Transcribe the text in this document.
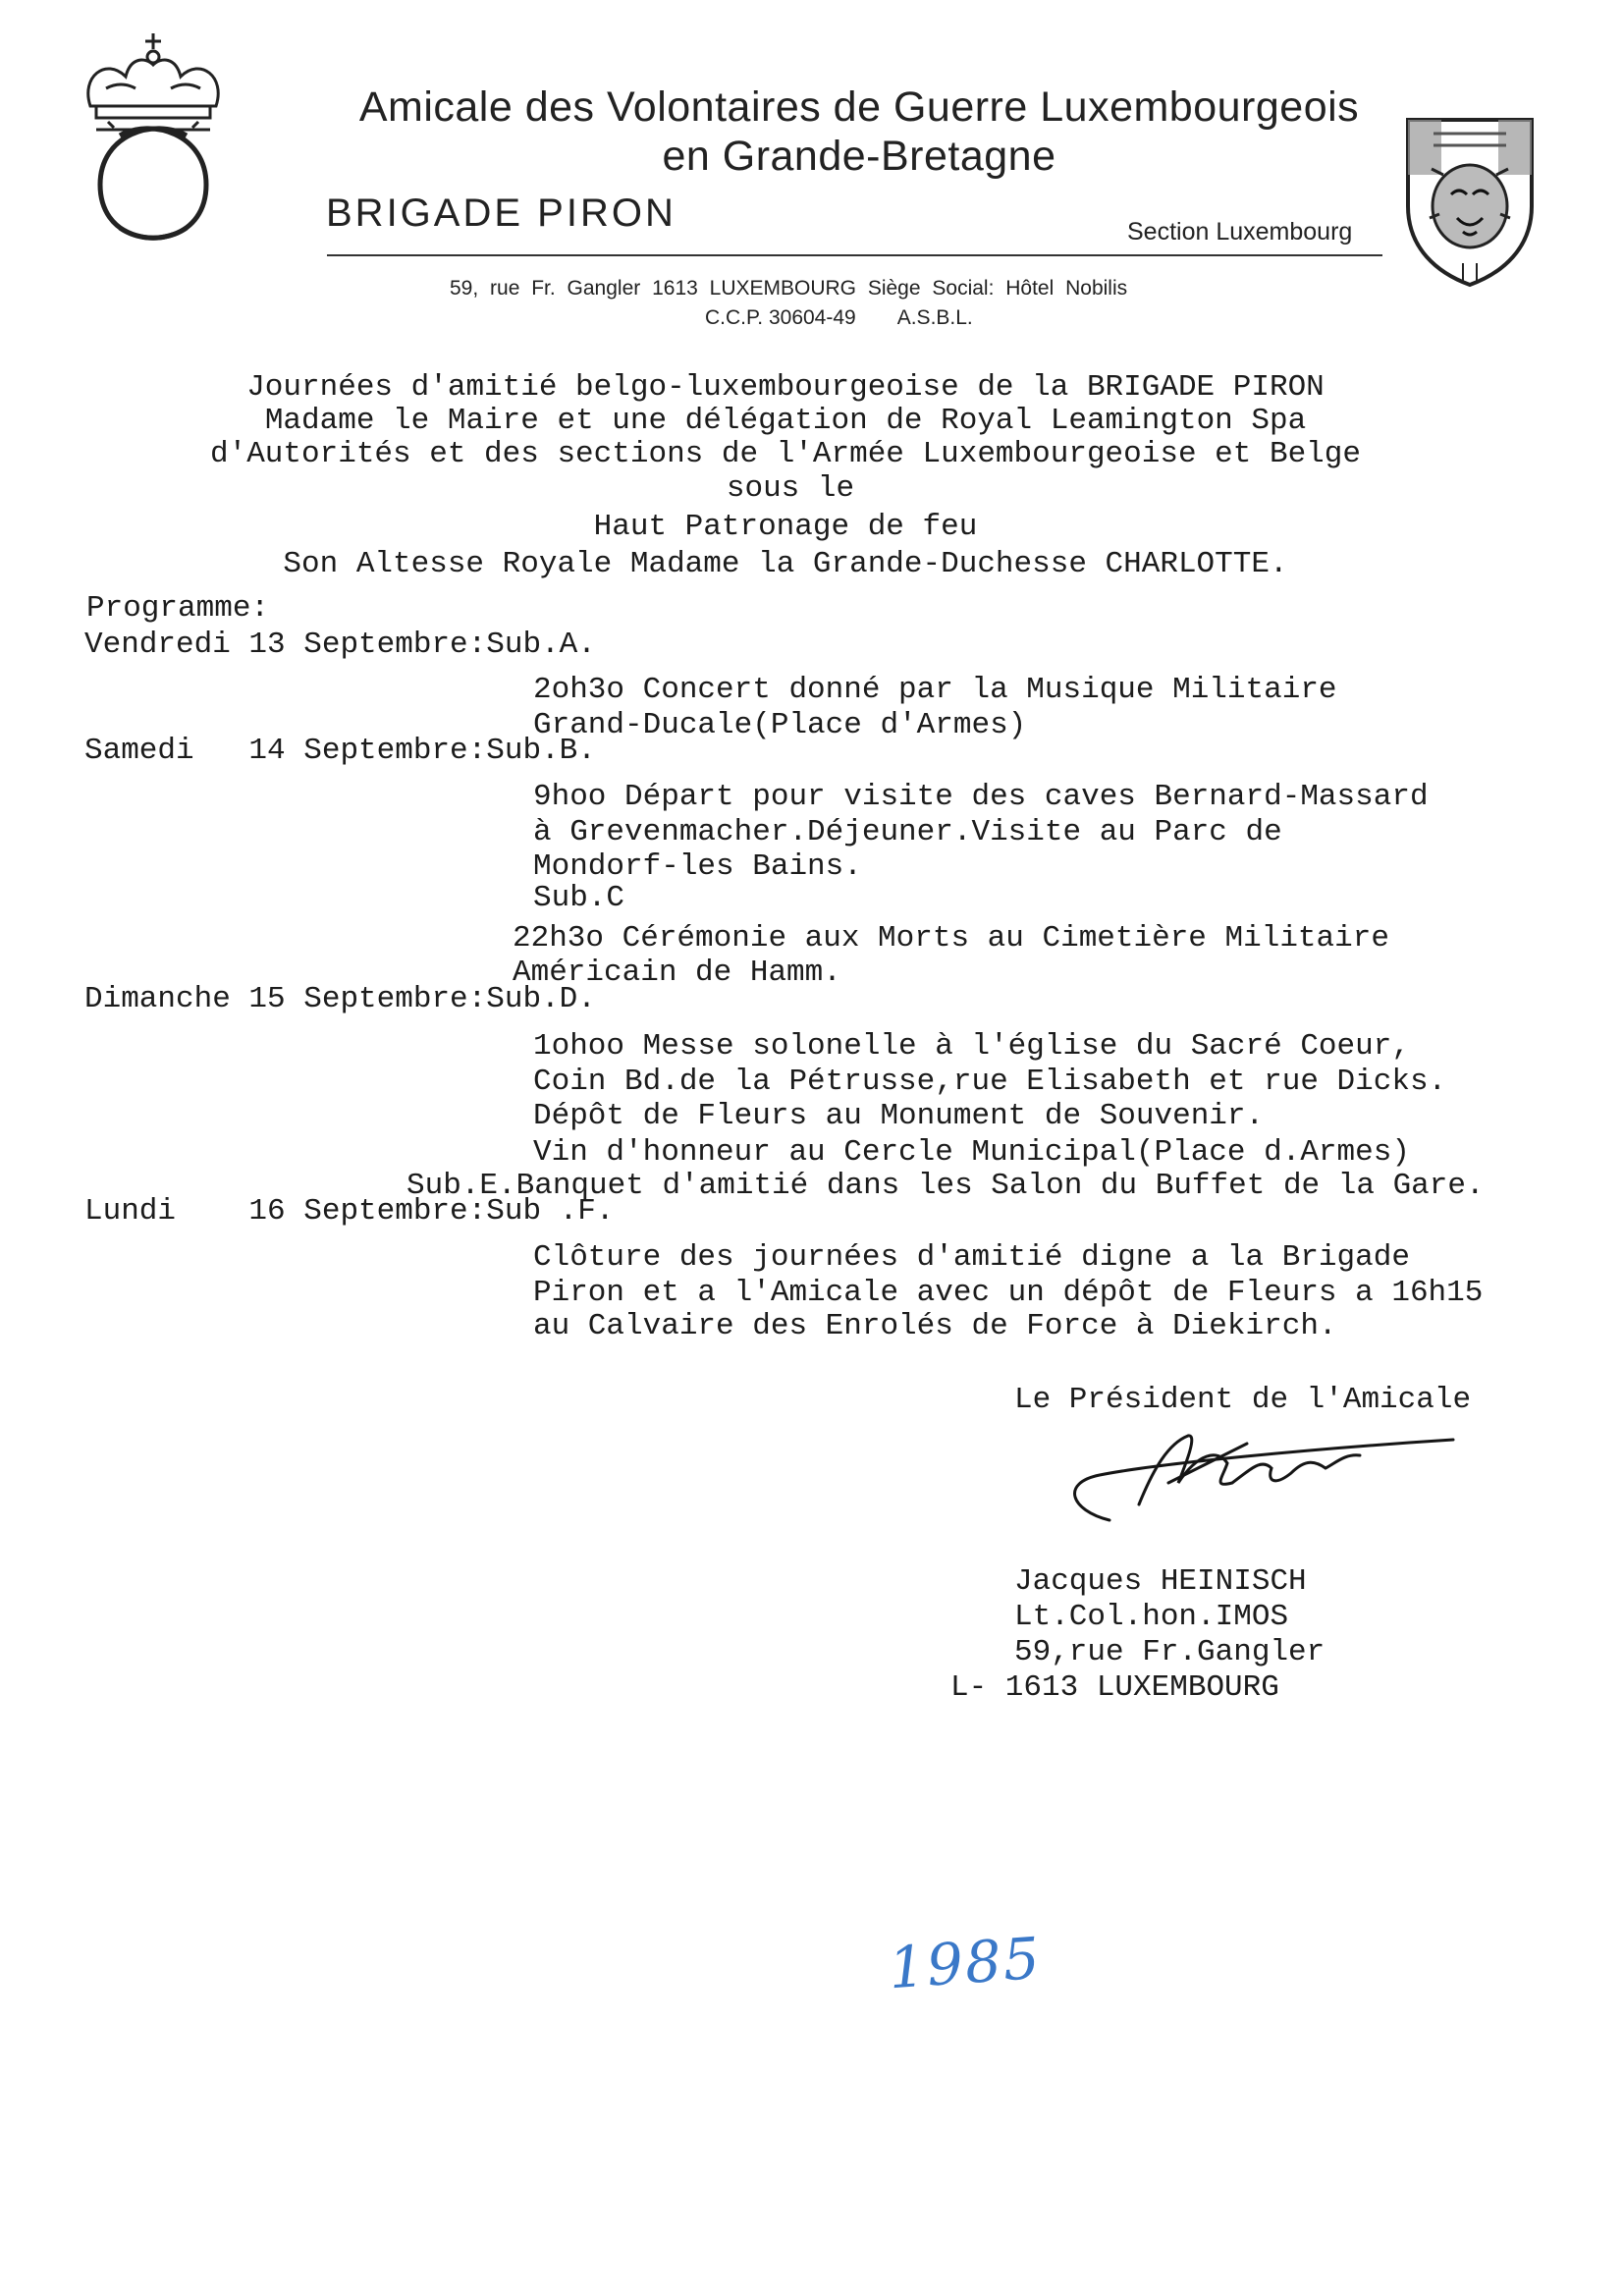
Amicale des Volontaires de Guerre Luxembourgeois
en Grande-Bretagne
BRIGADE PIRON	Section Luxembourg
59, rue Fr. Gangler 1613 LUXEMBOURG Siège Social: Hôtel Nobilis
C.C.P. 30604-49 A.S.B.L.
Journées d'amitié belgo-luxembourgeoise de la BRIGADE PIRON
Madame le Maire et une délégation de Royal Leamington Spa
d'Autorités et des sections de l'Armée Luxembourgeoise et Belge
sous le
Haut Patronage de feu
Son Altesse Royale Madame la Grande-Duchesse CHARLOTTE.
Programme:
Vendredi 13 Septembre:Sub.A.
2oh3o Concert donné par la Musique Militaire
Grand-Ducale(Place d'Armes)
Samedi   14 Septembre:Sub.B.
9hoo Départ pour visite des caves Bernard-Massard
à Grevenmacher.Déjeuner.Visite au Parc de
Mondorf-les Bains.
Sub.C
22h3o Cérémonie aux Morts au Cimetière Militaire
Américain de Hamm.
Dimanche 15 Septembre:Sub.D.
1ohoo Messe solonelle à l'église du Sacré Coeur,
Coin Bd.de la Pétrusse,rue Elisabeth et rue Dicks.
Dépôt de Fleurs au Monument de Souvenir.
Vin d'honneur au Cercle Municipal(Place d.Armes)
Sub.E.Banquet d'amitié dans les Salon du Buffet de la Gare.
Lundi    16 Septembre:Sub .F.
Clôture des journées d'amitié digne a la Brigade
Piron et a l'Amicale avec un dépôt de Fleurs a 16h15
au Calvaire des Enrolés de Force à Diekirch.
Le Président de l'Amicale

Jacques HEINISCH
Lt.Col.hon.IMOS
59,rue Fr.Gangler
L- 1613 LUXEMBOURG

1985
